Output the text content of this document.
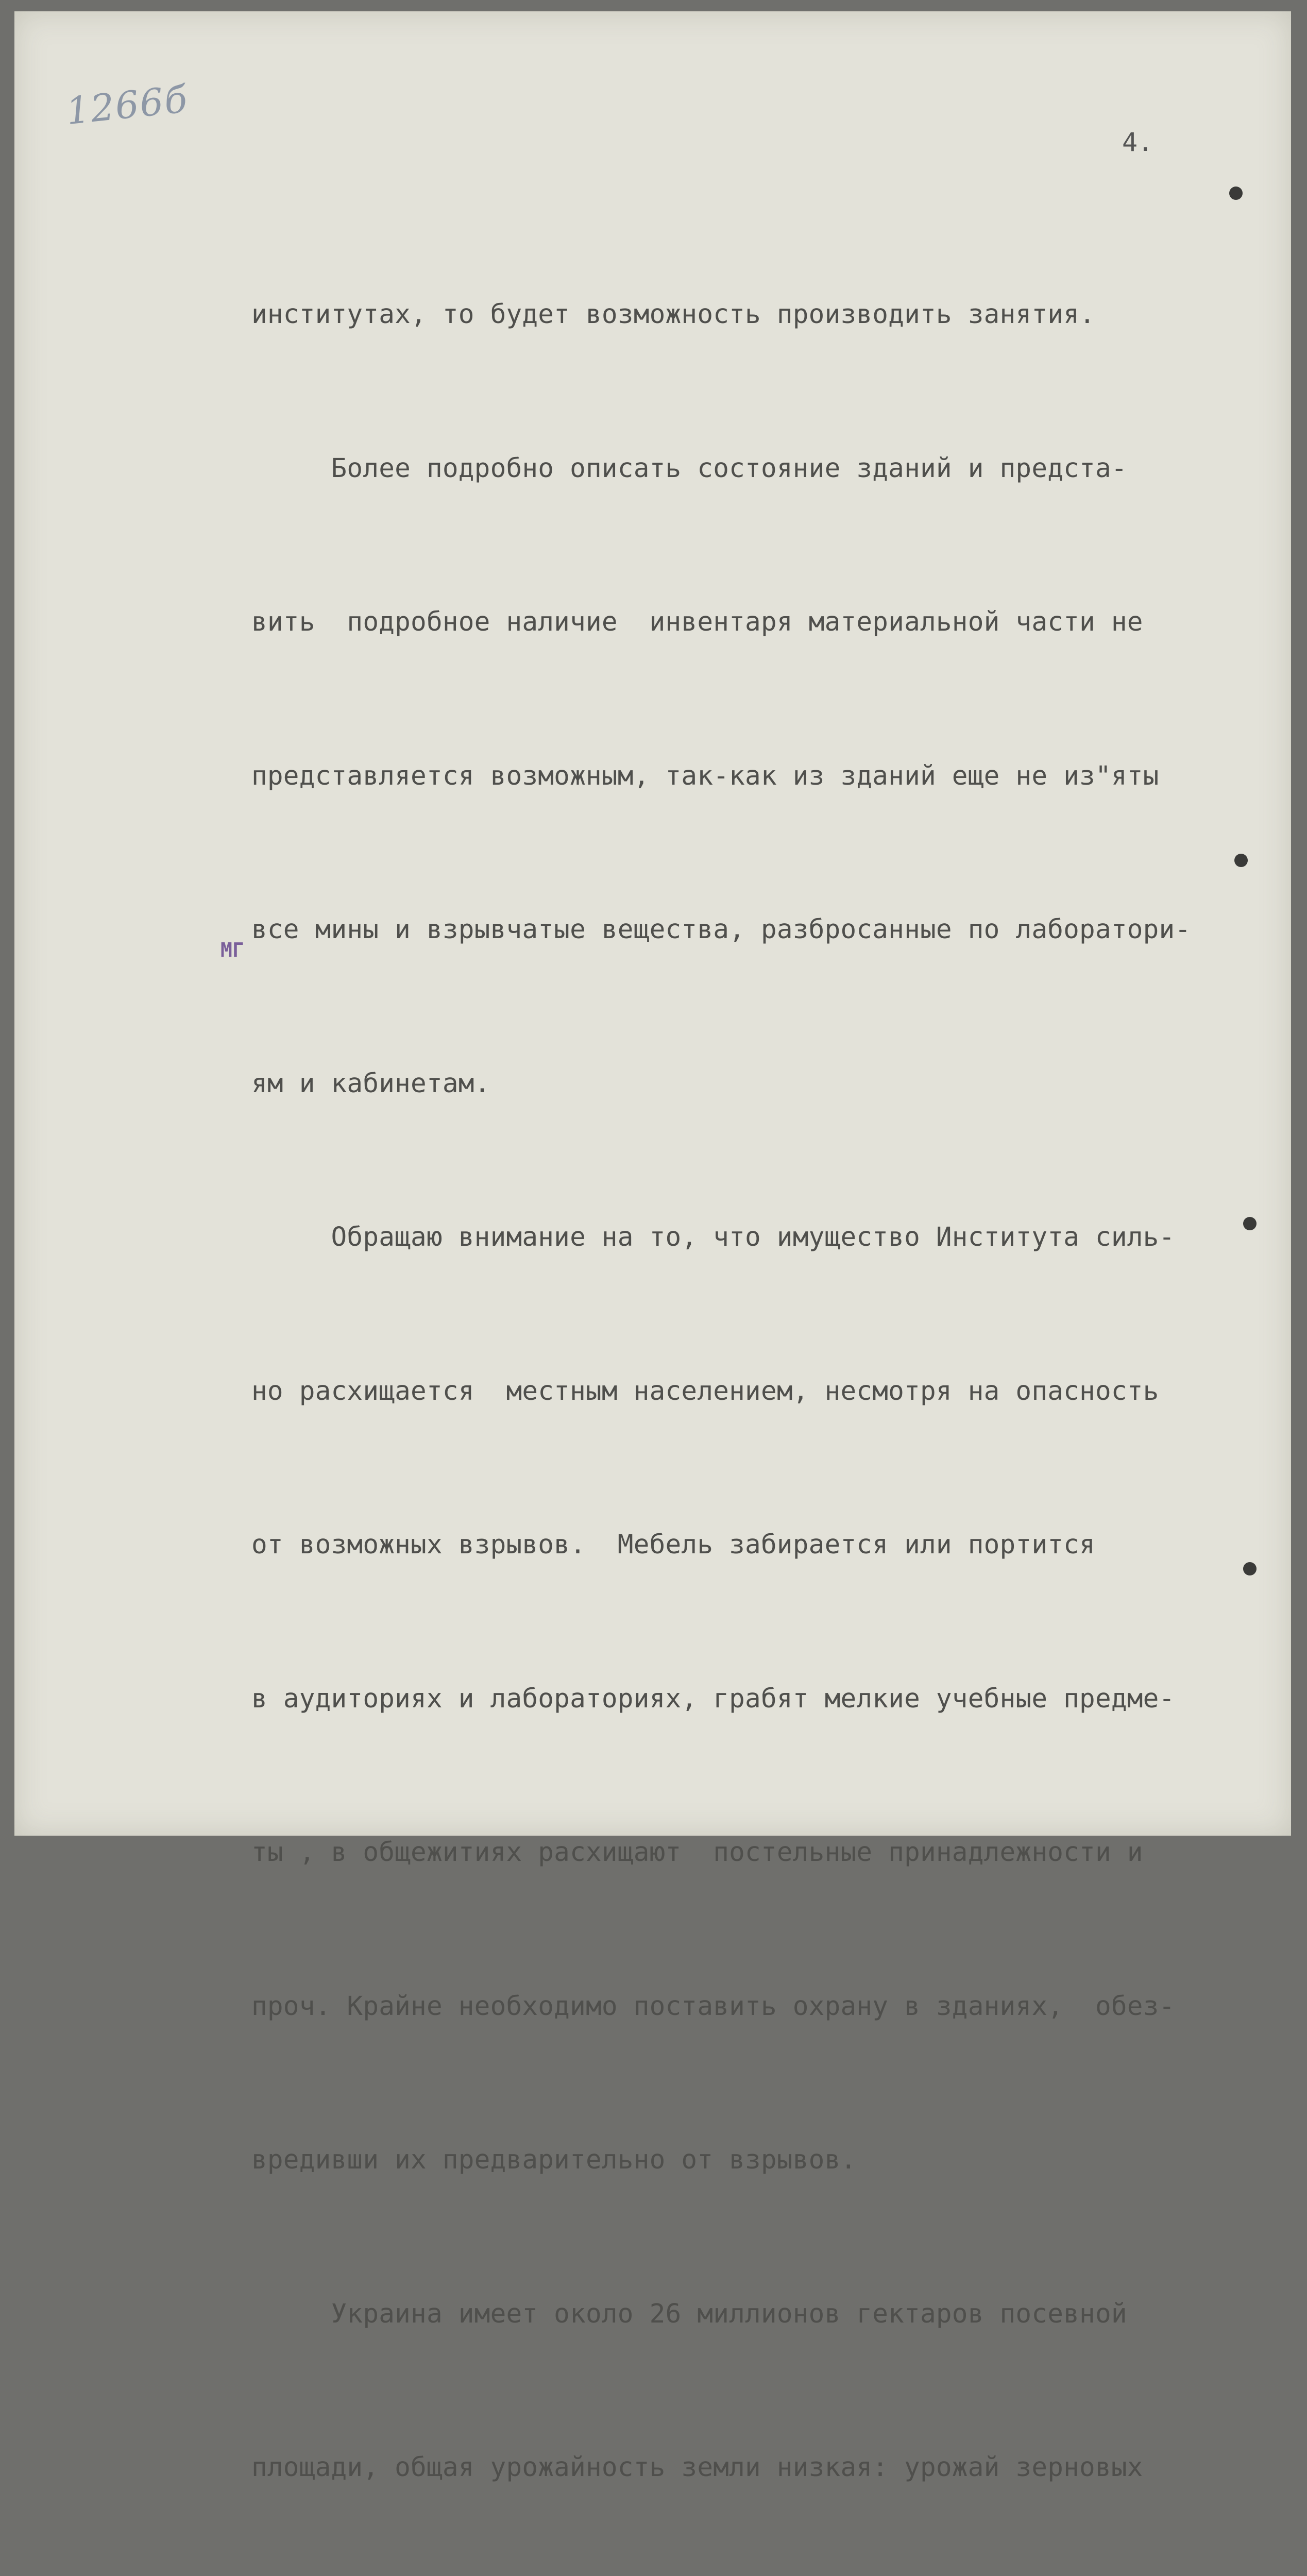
1266б
4.
МГ

институтах, то будет возможность производить занятия.

Более подробно описать состояние зданий и предста-

вить  подробное наличие  инвентаря материальной части не

представляется возможным, так-как из зданий еще не из"яты

все мины и взрывчатые вещества, разбросанные по лаборатори-

ям и кабинетам.

Обращаю внимание на то, что имущество Института силь-

но расхищается  местным населением, несмотря на опасность

от возможных взрывов.  Мебель забирается или портится

в аудиториях и лабораториях, грабят мелкие учебные предме-

ты , в общежитиях расхищают  постельные принадлежности и

проч. Крайне необходимо поставить охрану в зданиях,  обез-

вредивши их предварительно от взрывов.

Украина имеет около 26 миллионов гектаров посевной

площади, общая урожайность земли низкая: урожай зерновых
